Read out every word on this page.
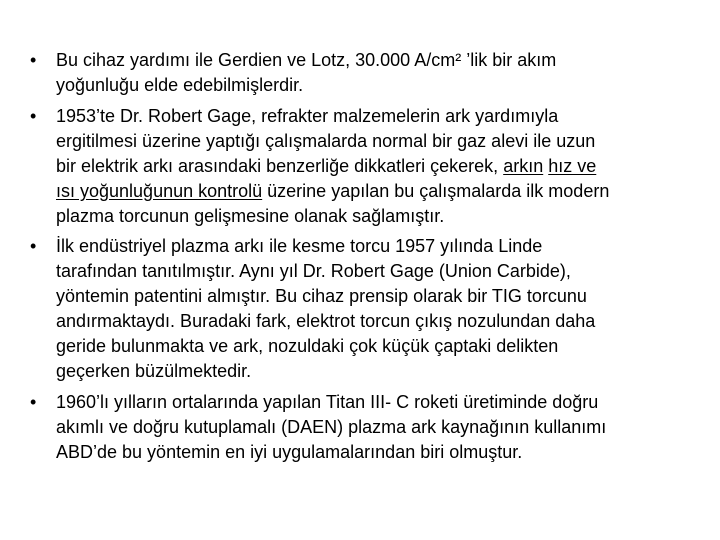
• Bu cihaz yardımı ile Gerdien ve Lotz, 30.000 A/cm² ’lik bir akım
yoğunluğu elde edebilmişlerdir.
• 1953’te Dr. Robert Gage, refrakter malzemelerin ark yardımıyla
ergitilmesi üzerine yaptığı çalışmalarda normal bir gaz alevi ile uzun
bir elektrik arkı arasındaki benzerliğe dikkatleri çekerek, arkın hız ve
ısı yoğunluğunun kontrolü üzerine yapılan bu çalışmalarda ilk modern
plazma torcunun gelişmesine olanak sağlamıştır.
• İlk endüstriyel plazma arkı ile kesme torcu 1957 yılında Linde
tarafından tanıtılmıştır. Aynı yıl Dr. Robert Gage (Union Carbide),
yöntemin patentini almıştır. Bu cihaz prensip olarak bir TIG torcunu
andırmaktaydı. Buradaki fark, elektrot torcun çıkış nozulundan daha
geride bulunmakta ve ark, nozuldaki çok küçük çaptaki delikten
geçerken büzülmektedir.
• 1960’lı yılların ortalarında yapılan Titan III- C roketi üretiminde doğru
akımlı ve doğru kutuplamalı (DAEN) plazma ark kaynağının kullanımı
ABD’de bu yöntemin en iyi uygulamalarından biri olmuştur.
